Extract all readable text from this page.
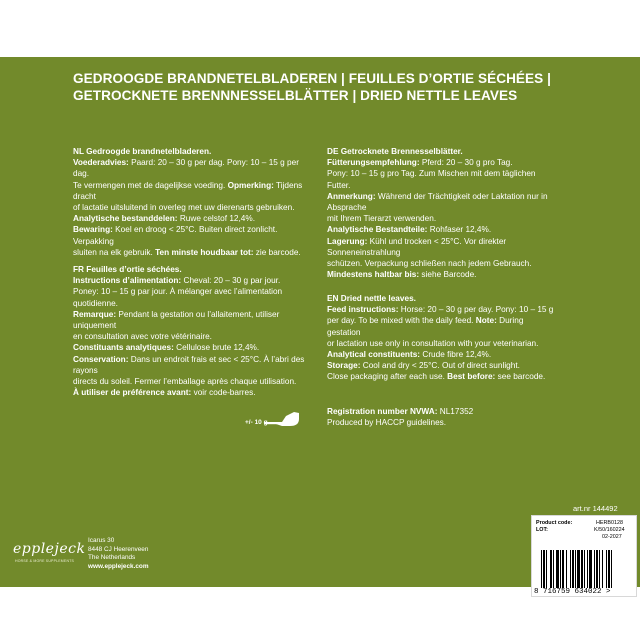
GEDROOGDE BRANDNETELBLADEREN | FEUILLES D’ORTIE SÉCHÉES |
GETROCKNETE BRENNNESSELBLÄTTER | DRIED NETTLE LEAVES

NL Gedroogde brandnetelbladeren.

Voederadvies: Paard: 20 – 30 g per dag. Pony: 10 – 15 g per dag.

Te vermengen met de dagelijkse voeding. Opmerking: Tijdens dracht

of lactatie uitsluitend in overleg met uw dierenarts gebruiken.

Analytische bestanddelen: Ruwe celstof 12,4%.

Bewaring: Koel en droog < 25°C. Buiten direct zonlicht. Verpakking

sluiten na elk gebruik. Ten minste houdbaar tot: zie barcode.

FR Feuilles d’ortie séchées.

Instructions d’alimentation: Cheval: 20 – 30 g par jour.

Poney: 10 – 15 g par jour. À mélanger avec l’alimentation quotidienne.

Remarque: Pendant la gestation ou l’allaitement, utiliser uniquement

en consultation avec votre vétérinaire.

Constituants analytiques: Cellulose brute 12,4%.

Conservation: Dans un endroit frais et sec < 25°C. À l’abri des rayons

directs du soleil. Fermer l’emballage après chaque utilisation.

À utiliser de préférence avant: voir code-barres.

DE Getrocknete Brennesselblätter.

Fütterungsempfehlung: Pferd: 20 – 30 g pro Tag.

Pony: 10 – 15 g pro Tag. Zum Mischen mit dem täglichen Futter.

Anmerkung: Während der Trächtigkeit oder Laktation nur in Absprache

mit Ihrem Tierarzt verwenden.

Analytische Bestandteile: Rohfaser 12,4%.

Lagerung: Kühl und trocken < 25°C. Vor direkter Sonneneinstrahlung

schützen. Verpackung schließen nach jedem Gebrauch.

Mindestens haltbar bis: siehe Barcode.

EN Dried nettle leaves.

Feed instructions: Horse: 20 – 30 g per day. Pony: 10 – 15 g

per day. To be mixed with the daily feed. Note: During gestation

or lactation use only in consultation with your veterinarian.

Analytical constituents: Crude fibre 12,4%.

Storage: Cool and dry < 25°C. Out of direct sunlight.

Close packaging after each use. Best before: see barcode.

Registration number NVWA: NL17352

Produced by HACCP guidelines.

+/- 10 g
art.nr 144492
epplejeck
HORSE & MORE SUPPLEMENTS
Icarus 30
8448 CJ Heerenveen
The Netherlands
www.epplejeck.com
Product code:	HERB0128
LOT:	K/50/160224
02-2027
8 716759 634022 >
